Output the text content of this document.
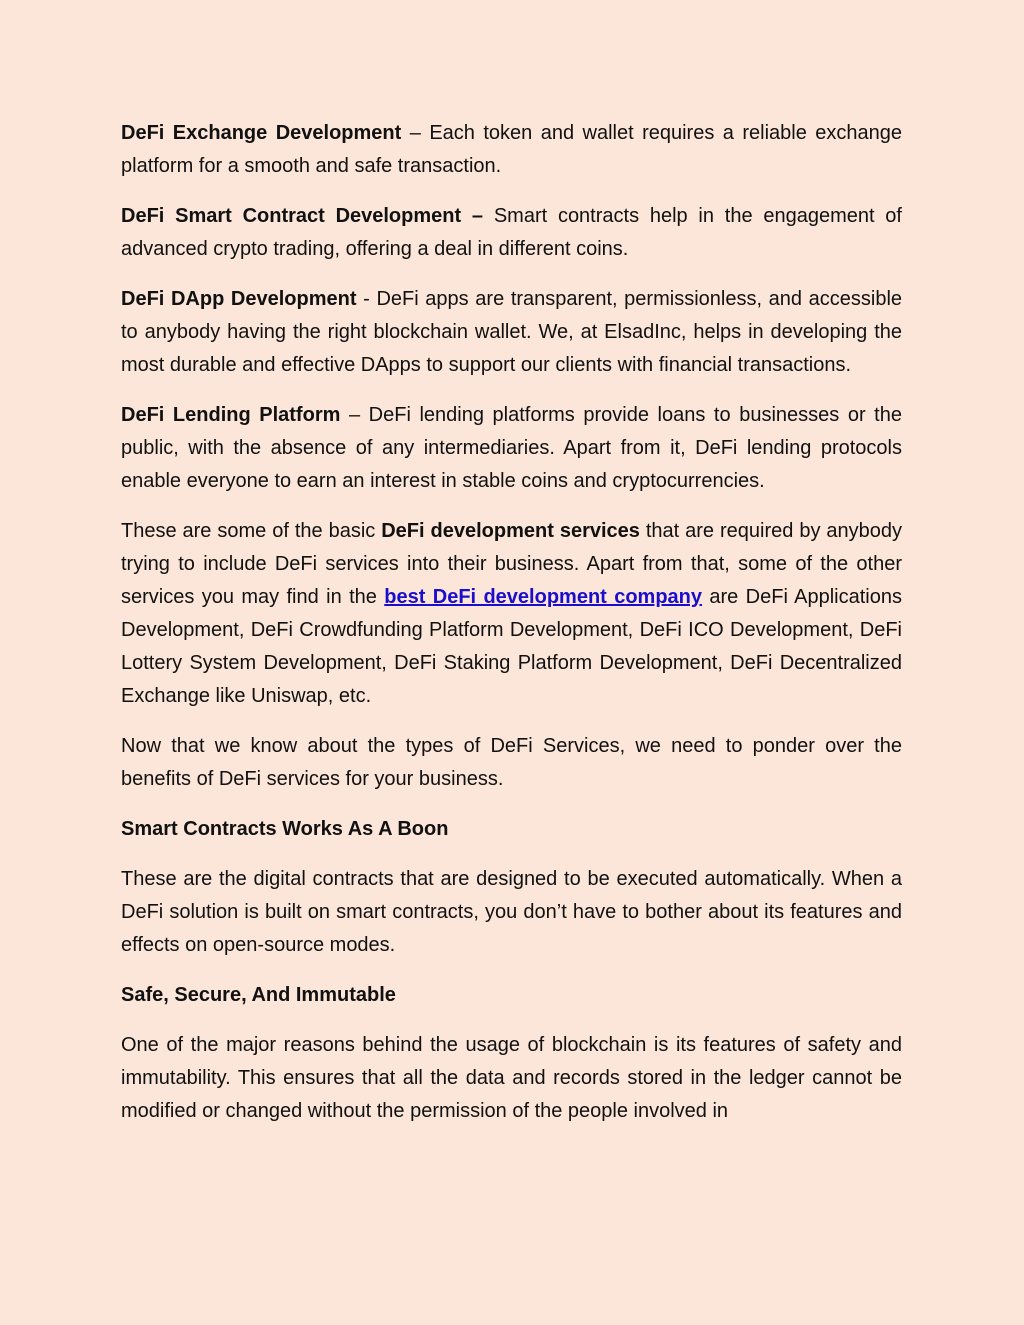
DeFi Exchange Development – Each token and wallet requires a reliable exchange platform for a smooth and safe transaction.

DeFi Smart Contract Development – Smart contracts help in the engagement of advanced crypto trading, offering a deal in different coins.

DeFi DApp Development - DeFi apps are transparent, permissionless, and accessible to anybody having the right blockchain wallet. We, at ElsadInc, helps in developing the most durable and effective DApps to support our clients with financial transactions.

DeFi Lending Platform – DeFi lending platforms provide loans to businesses or the public, with the absence of any intermediaries. Apart from it, DeFi lending protocols enable everyone to earn an interest in stable coins and cryptocurrencies.

These are some of the basic DeFi development services that are required by anybody trying to include DeFi services into their business. Apart from that, some of the other services you may find in the best DeFi development company are DeFi Applications Development, DeFi Crowdfunding Platform Development, DeFi ICO Development, DeFi Lottery System Development, DeFi Staking Platform Development, DeFi Decentralized Exchange like Uniswap, etc.

Now that we know about the types of DeFi Services, we need to ponder over the benefits of DeFi services for your business.

Smart Contracts Works As A Boon

These are the digital contracts that are designed to be executed automatically. When a DeFi solution is built on smart contracts, you don’t have to bother about its features and effects on open-source modes.

Safe, Secure, And Immutable

One of the major reasons behind the usage of blockchain is its features of safety and immutability. This ensures that all the data and records stored in the ledger cannot be modified or changed without the permission of the people involved in
